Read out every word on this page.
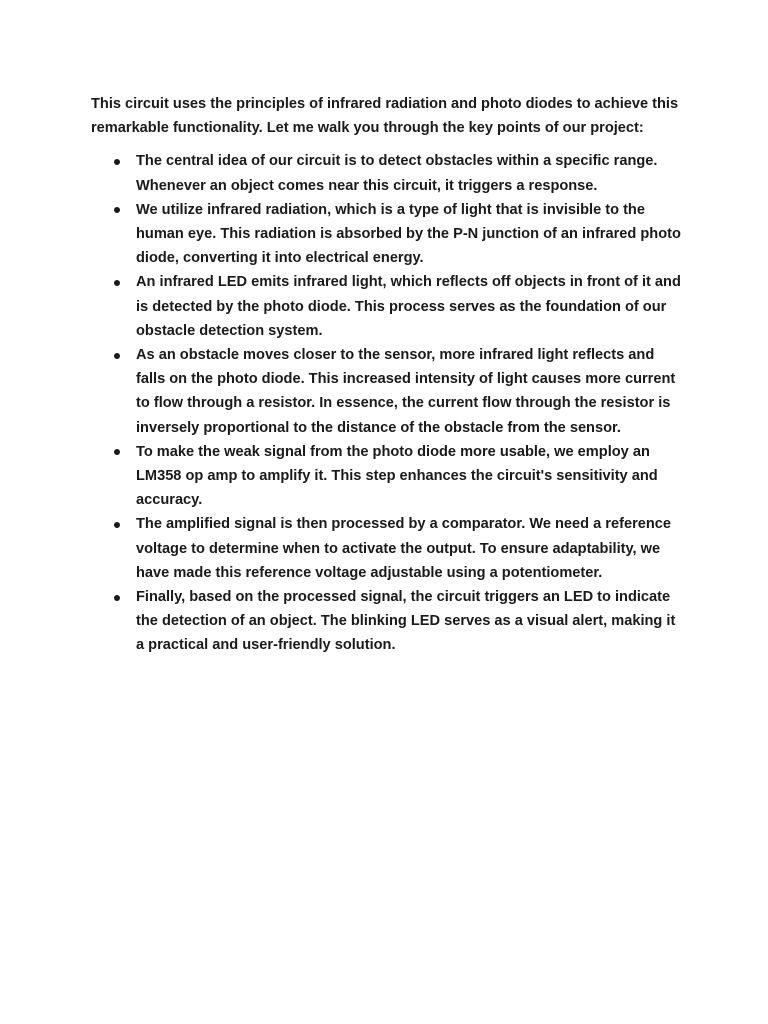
This circuit uses the principles of infrared radiation and photo diodes to achieve this remarkable functionality. Let me walk you through the key points of our project:

The central idea of our circuit is to detect obstacles within a specific range. Whenever an object comes near this circuit, it triggers a response.
We utilize infrared radiation, which is a type of light that is invisible to the human eye. This radiation is absorbed by the P-N junction of an infrared photo diode, converting it into electrical energy.
An infrared LED emits infrared light, which reflects off objects in front of it and is detected by the photo diode. This process serves as the foundation of our obstacle detection system.
As an obstacle moves closer to the sensor, more infrared light reflects and falls on the photo diode. This increased intensity of light causes more current to flow through a resistor. In essence, the current flow through the resistor is inversely proportional to the distance of the obstacle from the sensor.
To make the weak signal from the photo diode more usable, we employ an LM358 op amp to amplify it. This step enhances the circuit's sensitivity and accuracy.
The amplified signal is then processed by a comparator. We need a reference voltage to determine when to activate the output. To ensure adaptability, we have made this reference voltage adjustable using a potentiometer.
Finally, based on the processed signal, the circuit triggers an LED to indicate the detection of an object. The blinking LED serves as a visual alert, making it a practical and user-friendly solution.
